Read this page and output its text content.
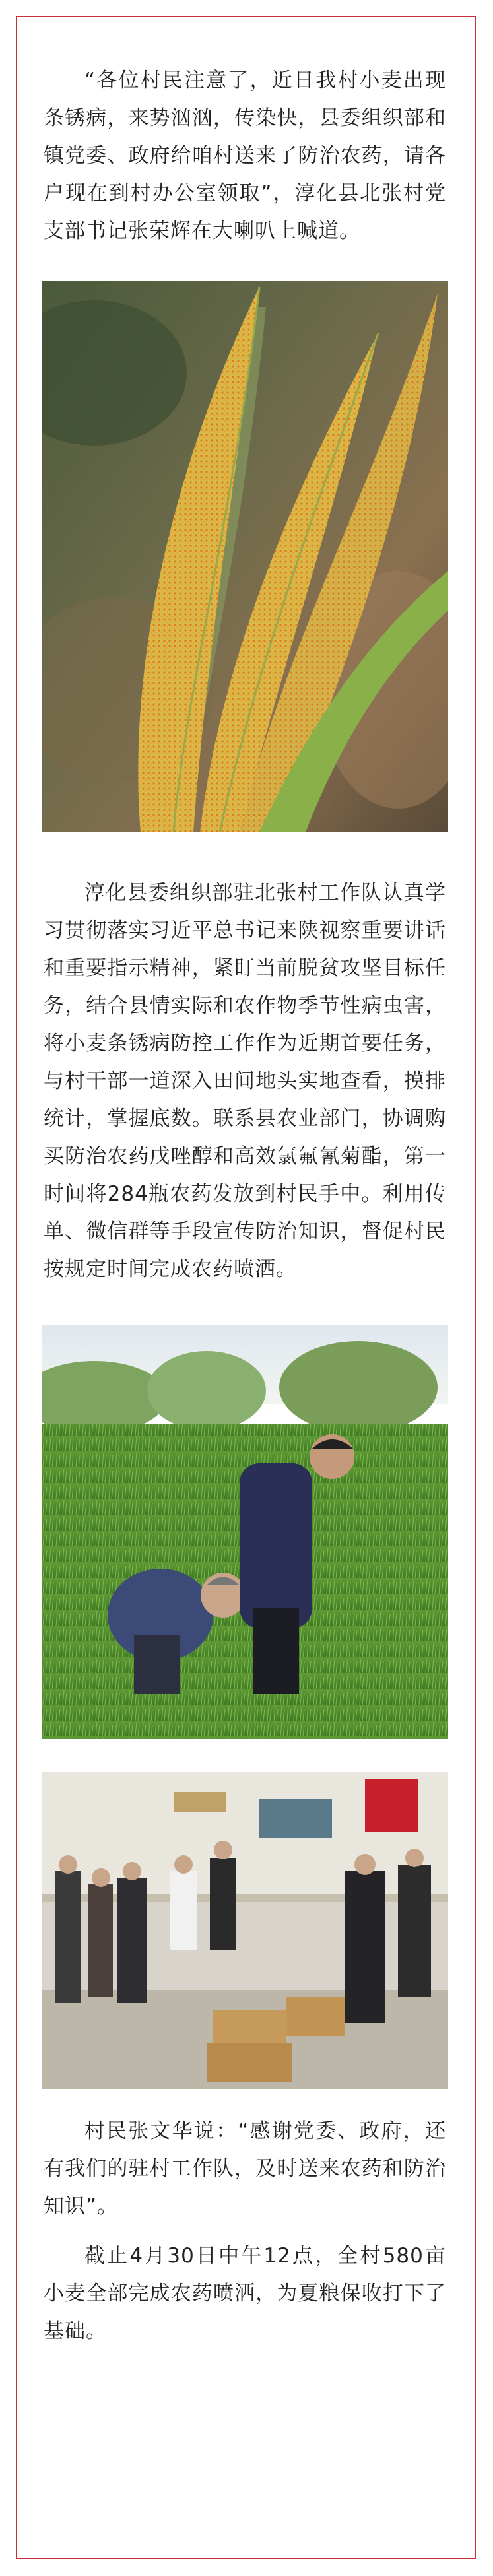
“各位村民注意了，近日我村小麦出现条锈病，来势汹汹，传染快，县委组织部和镇党委、政府给咱村送来了防治农药，请各户现在到村办公室领取”，淳化县北张村党支部书记张荣辉在大喇叭上喊道。

淳化县委组织部驻北张村工作队认真学习贯彻落实习近平总书记来陕视察重要讲话和重要指示精神，紧盯当前脱贫攻坚目标任务，结合县情实际和农作物季节性病虫害，将小麦条锈病防控工作作为近期首要任务，与村干部一道深入田间地头实地查看，摸排统计，掌握底数。联系县农业部门，协调购买防治农药戊唑醇和高效氯氟氰菊酯，第一时间将284瓶农药发放到村民手中。利用传单、微信群等手段宣传防治知识，督促村民按规定时间完成农药喷洒。

村民张文华说：“感谢党委、政府，还有我们的驻村工作队，及时送来农药和防治知识”。

截止4月30日中午12点，全村580亩小麦全部完成农药喷洒，为夏粮保收打下了基础。
